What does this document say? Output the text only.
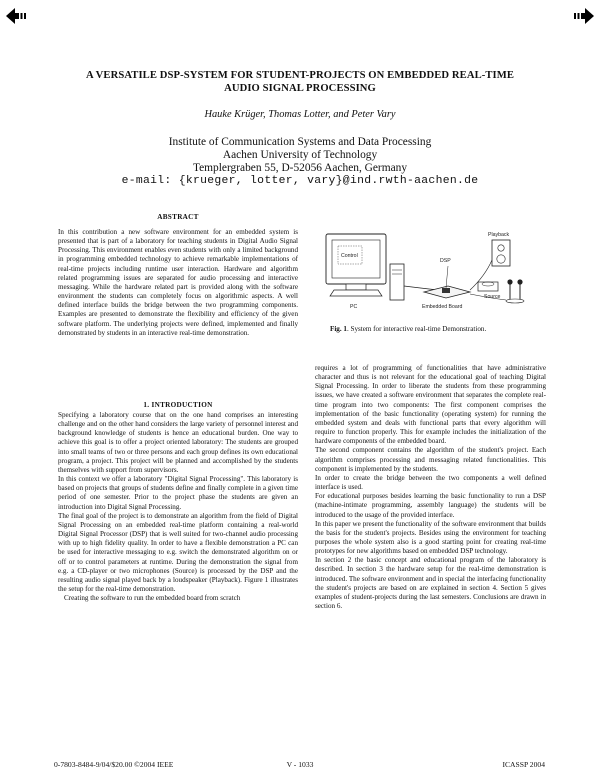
A VERSATILE DSP-SYSTEM FOR STUDENT-PROJECTS ON EMBEDDED REAL-TIME
AUDIO SIGNAL PROCESSING
Hauke Krüger, Thomas Lotter, and Peter Vary
Institute of Communication Systems and Data Processing
Aachen University of Technology
Templergraben 55, D-52056 Aachen, Germany
e-mail: {krueger, lotter, vary}@ind.rwth-aachen.de
ABSTRACT

In this contribution a new software environment for an embedded system is presented that is part of a laboratory for teaching students in Digital Audio Signal Processing. This environment enables even students with only a limited background in programming embedded technology to achieve remarkable implementations of real-time projects including runtime user interaction. Hardware and algorithm related programming issues are separated for audio processing and interactive messaging. While the hardware related part is provided along with the software environment the students can completely focus on algorithmic aspects. A well defined interface builds the bridge between the two programming components. Examples are presented to demonstrate the flexibility and efficiency of the given software platform. The underlying projects were defined, implemented and finally demonstrated by students in an interactive real-time demonstration.

1. INTRODUCTION

Specifying a laboratory course that on the one hand comprises an interesting challenge and on the other hand considers the large variety of personnel interest and background knowledge of students is hence an educational burden. One way to achieve this goal is to offer a project oriented laboratory: The students are grouped into small teams of two or three persons and each group defines its own educational program, a project. This project will be planned and accomplished by the students themselves with support from supervisors.

In this context we offer a laboratory "Digital Signal Processing". This laboratory is based on projects that groups of students define and finally complete in a given time period of one semester. Prior to the project phase the students are given an introduction into Digital Signal Processing.

The final goal of the project is to demonstrate an algorithm from the field of Digital Signal Processing on an embedded real-time platform containing a real-world Digital Signal Processor (DSP) that is well suited for two-channel audio processing with up to high fidelity quality. In order to have a flexible demonstration a PC can be used for interactive messaging to e.g. switch the demonstrated algorithm on or off or to control parameters at runtime. During the demonstration the signal from e.g. a CD-player or two microphones (Source) is processed by the DSP and the resulting audio signal played back by a loudspeaker (Playback). Figure 1 illustrates the setup for the real-time demonstration.

Creating the software to run the embedded board from scratch

Control
PC
DSP
Embedded Board
Playback
Source
Fig. 1. System for interactive real-time Demonstration.

requires a lot of programming of functionalities that have administrative character and thus is not relevant for the educational goal of teaching Digital Signal Processing. In order to liberate the students from these programming issues, we have created a software environment that separates the complete real-time program into two components: The first component comprises the implementation of the basic functionality (operating system) for running the embedded system and deals with functional parts that every algorithm will require to function properly. This for example includes the initialization of the hardware components of the embedded board.

The second component contains the algorithm of the student's project. Each algorithm comprises processing and messaging related functionalities. This component is implemented by the students.

In order to create the bridge between the two components a well defined interface is used.

For educational purposes besides learning the basic functionality to run a DSP (machine-intimate programming, assembly language) the students will be introduced to the usage of the provided interface.

In this paper we present the functionality of the software environment that builds the basis for the student's projects. Besides using the environment for teaching purposes the whole system also is a good starting point for creating real-time prototypes for new algorithms based on embedded DSP technology.

In section 2 the basic concept and educational program of the laboratory is described. In section 3 the hardware setup for the real-time demonstration is introduced. The software environment and in special the interfacing functionality the student's projects are based on are explained in section 4. Section 5 gives examples of student-projects during the last semesters. Conclusions are drawn in section 6.

0-7803-8484-9/04/$20.00 ©2004 IEEE	V - 1033	ICASSP 2004
